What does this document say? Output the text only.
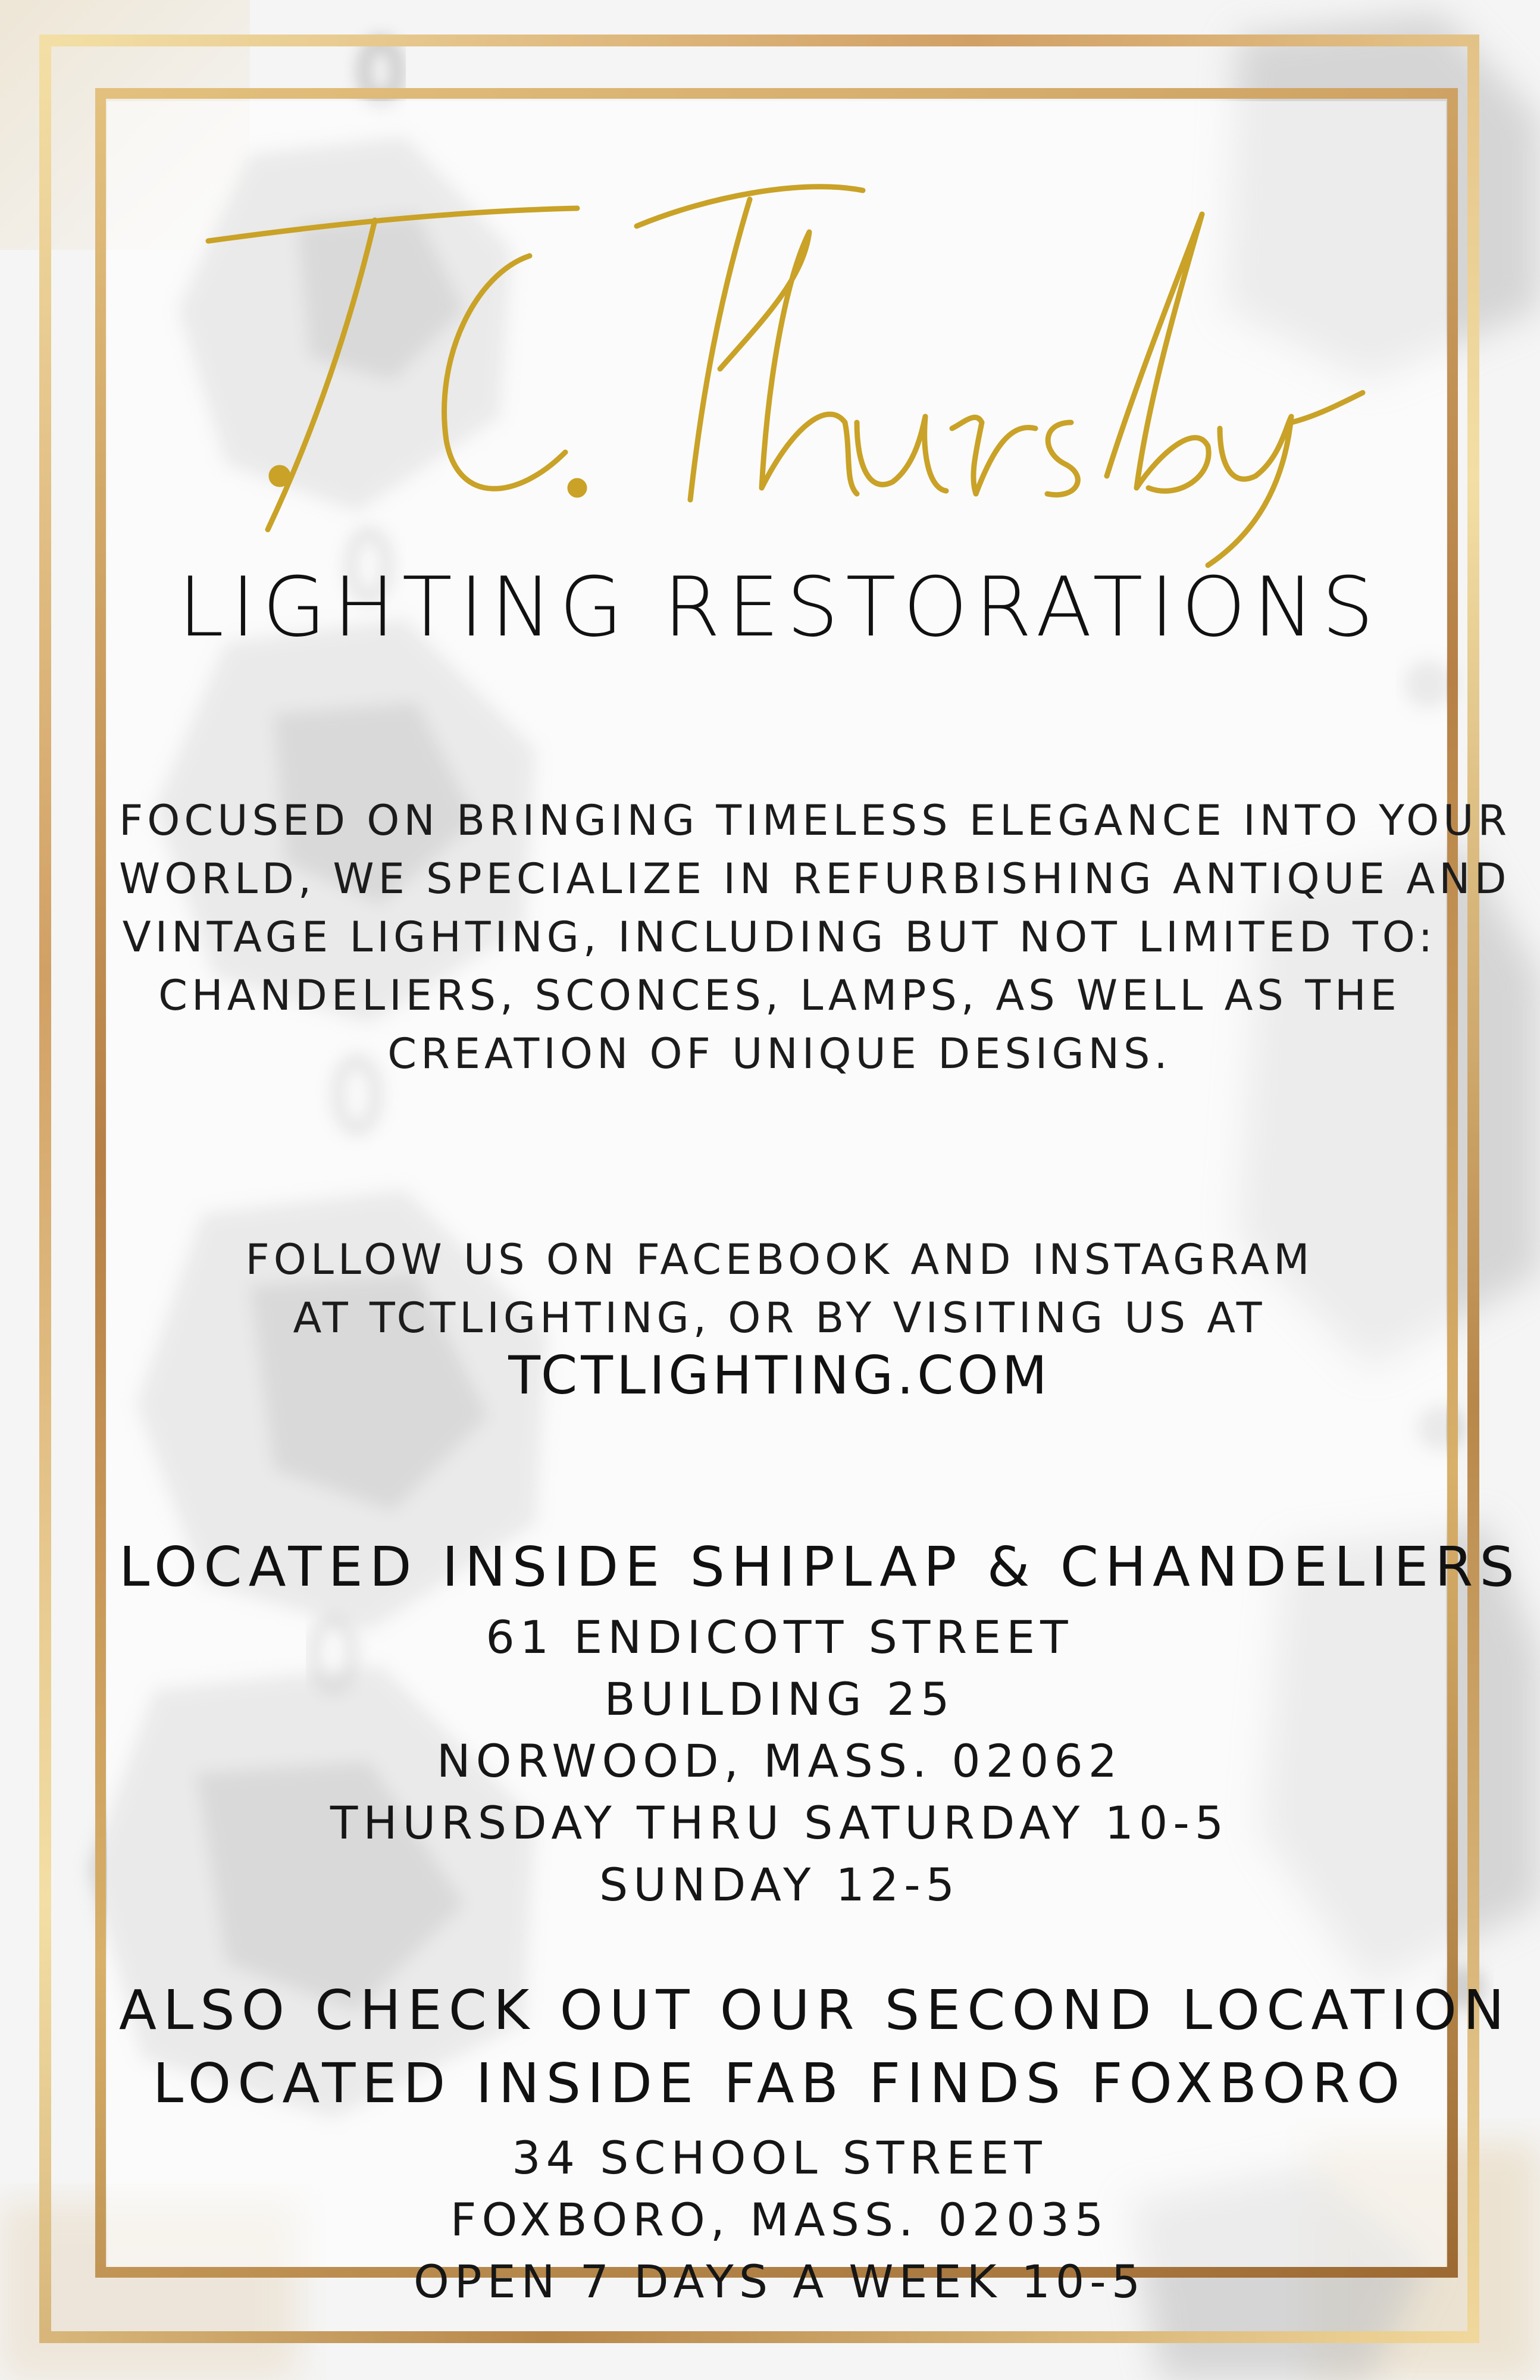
LIGHTING RESTORATIONS
FOCUSED ON BRINGING TIMELESS ELEGANCE INTO YOUR
WORLD, WE SPECIALIZE IN REFURBISHING ANTIQUE AND
VINTAGE LIGHTING, INCLUDING BUT NOT LIMITED TO:
CHANDELIERS, SCONCES, LAMPS, AS WELL AS THE
CREATION OF UNIQUE DESIGNS.
FOLLOW US ON FACEBOOK AND INSTAGRAM
AT TCTLIGHTING, OR BY VISITING US AT
TCTLIGHTING.COM
LOCATED INSIDE SHIPLAP & CHANDELIERS
61 ENDICOTT STREET
BUILDING 25
NORWOOD, MASS. 02062
THURSDAY THRU SATURDAY 10-5
SUNDAY 12-5
ALSO CHECK OUT OUR SECOND LOCATION
LOCATED INSIDE FAB FINDS FOXBORO
34 SCHOOL STREET
FOXBORO, MASS. 02035
OPEN 7 DAYS A WEEK 10-5
